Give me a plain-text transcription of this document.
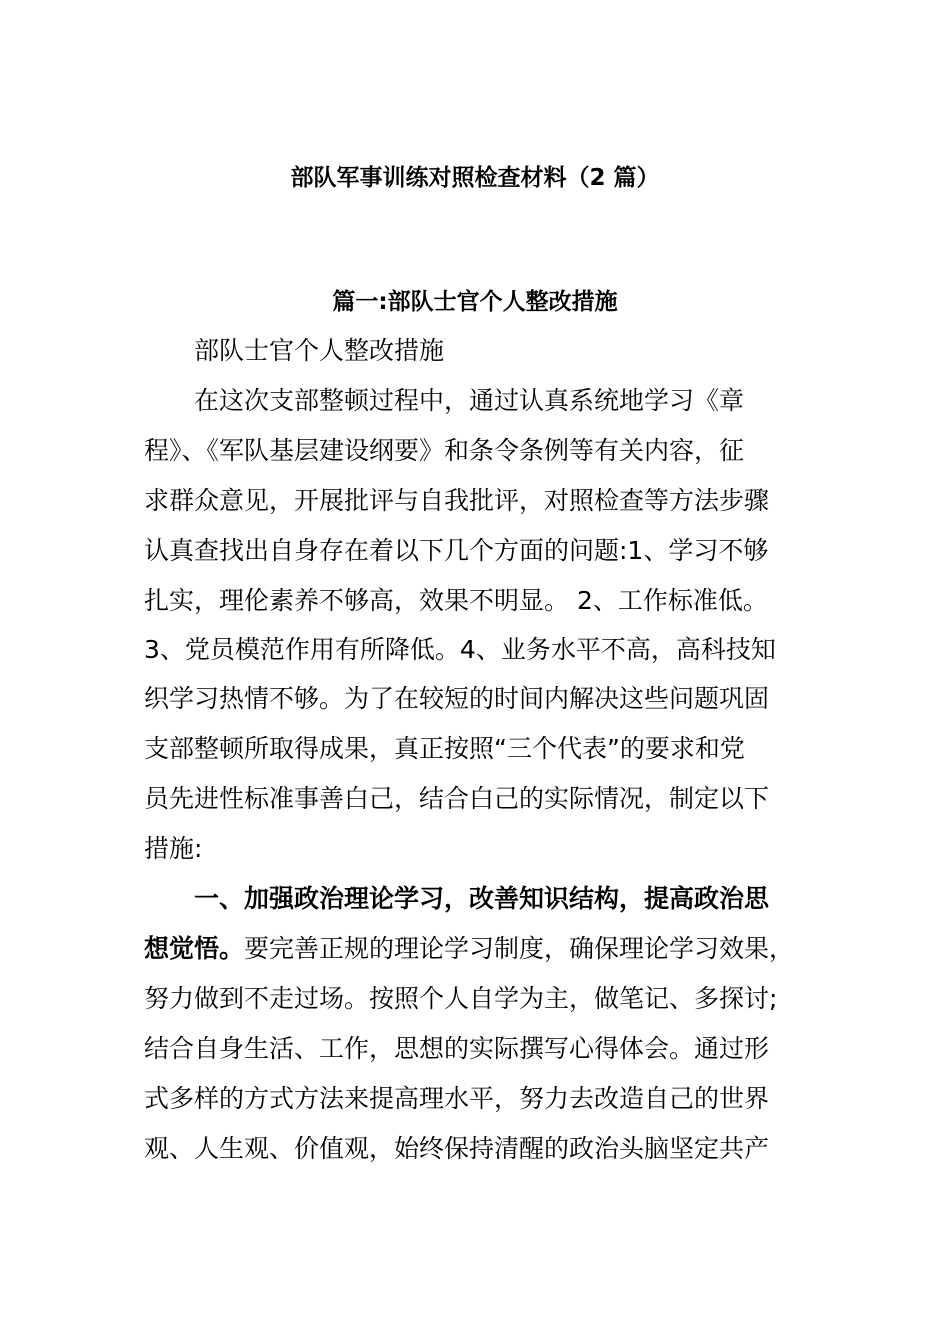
部队军事训练对照检查材料（2 篇）
篇一:部队士官个人整改措施
部队士官个人整改措施
在这次支部整顿过程中，通过认真系统地学习《章
程》、《军队基层建设纲要》和条令条例等有关内容，征
求群众意见，开展批评与自我批评，对照检查等方法步骤
认真查找出自身存在着以下几个方面的问题:1、学习不够
扎实，理伦素养不够高，效果不明显。 2、工作标准低。
3、党员模范作用有所降低。4、业务水平不高，高科技知
织学习热情不够。为了在较短的时间内解决这些问题巩固
支部整顿所取得成果，真正按照“三个代表”的要求和党
员先进性标准事善白己，结合白己的实际情况，制定以下
措施:
一、加强政治理论学习，改善知识结构，提高政治思
想觉悟。要完善正规的理论学习制度，确保理论学习效果，
努力做到不走过场。按照个人自学为主，做笔记、多探讨;
结合自身生活、工作，思想的实际撰写心得体会。通过形
式多样的方式方法来提高理水平，努力去改造自己的世界
观、人生观、价值观，始终保持清醒的政治头脑坚定共产
